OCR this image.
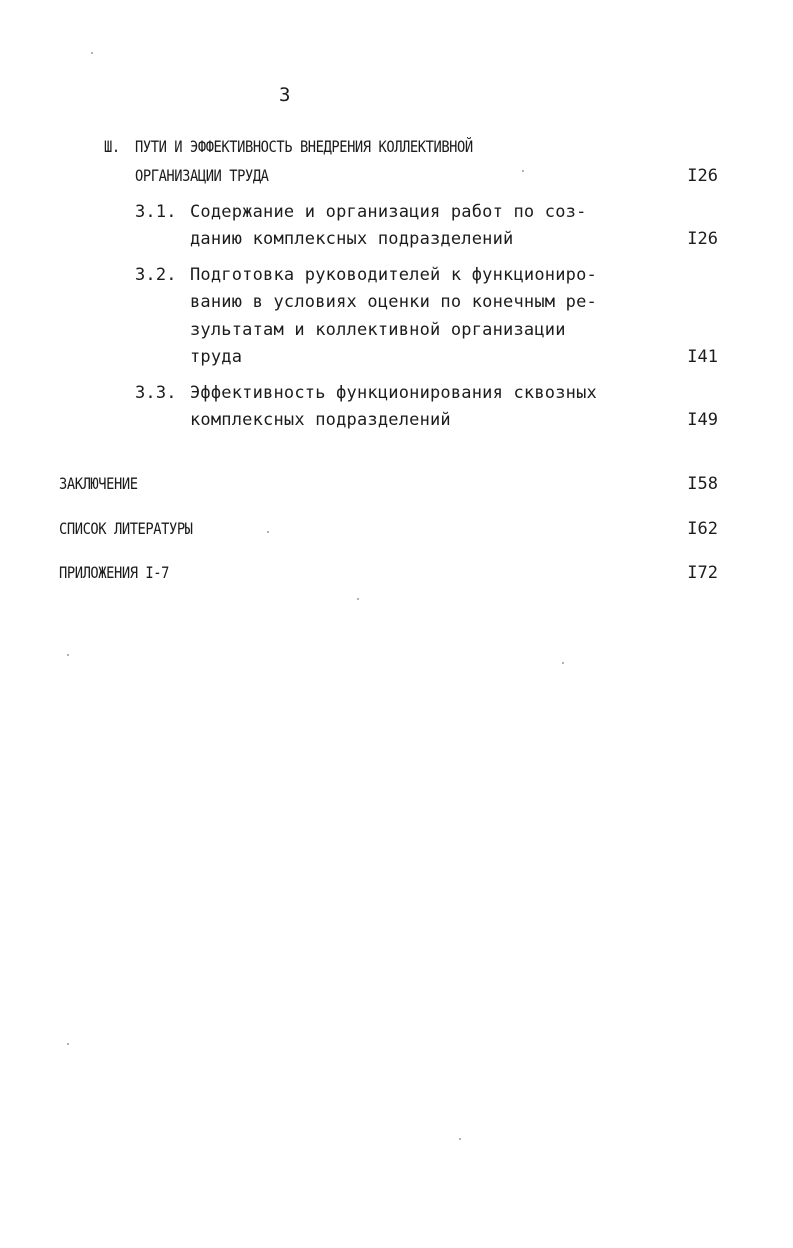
3
Ш. ПУТИ И ЭФФЕКТИВНОСТЬ ВНЕДРЕНИЯ КОЛЛЕКТИВНОЙ
ОРГАНИЗАЦИИ ТРУДА	I26
3.1. Содержание и организация работ по соз-
данию комплексных подразделений	I26
3.2. Подготовка руководителей к функциониро-
ванию в условиях оценки по конечным ре-
зультатам и коллективной организации
труда	I41
3.3. Эффективность функционирования сквозных
комплексных подразделений	I49
ЗАКЛЮЧЕНИЕ	I58
СПИСОК ЛИТЕРАТУРЫ	I62
ПРИЛОЖЕНИЯ I-7	I72
